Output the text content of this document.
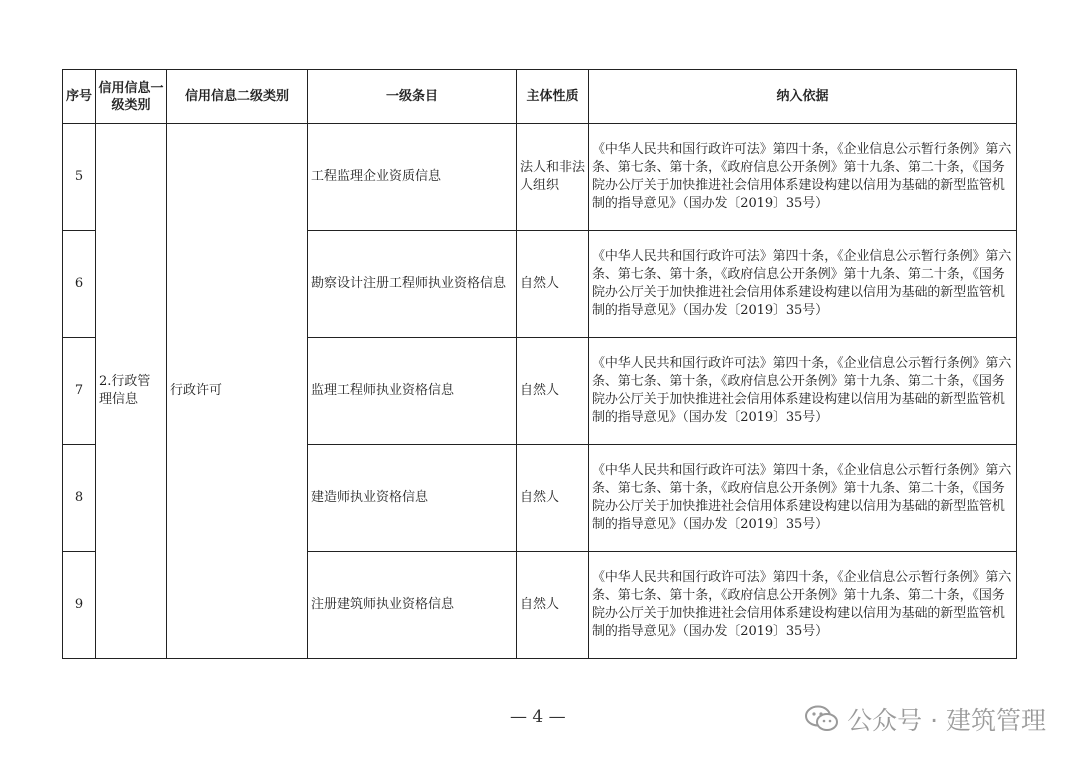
序号	信用信息一级类别	信用信息二级类别	一级条目	主体性质	纳入依据
5	2.行政管理信息	行政许可	工程监理企业资质信息	法人和非法人组织	《中华人民共和国行政许可法》第四十条，《企业信息公示暂行条例》第六条、第七条、第十条，《政府信息公开条例》第十九条、第二十条，《国务院办公厅关于加快推进社会信用体系建设构建以信用为基础的新型监管机制的指导意见》（国办发〔2019〕35号）
6			勘察设计注册工程师执业资格信息	自然人	《中华人民共和国行政许可法》第四十条，《企业信息公示暂行条例》第六条、第七条、第十条，《政府信息公开条例》第十九条、第二十条，《国务院办公厅关于加快推进社会信用体系建设构建以信用为基础的新型监管机制的指导意见》（国办发〔2019〕35号）
7			监理工程师执业资格信息	自然人	《中华人民共和国行政许可法》第四十条，《企业信息公示暂行条例》第六条、第七条、第十条，《政府信息公开条例》第十九条、第二十条，《国务院办公厅关于加快推进社会信用体系建设构建以信用为基础的新型监管机制的指导意见》（国办发〔2019〕35号）
8			建造师执业资格信息	自然人	《中华人民共和国行政许可法》第四十条，《企业信息公示暂行条例》第六条、第七条、第十条，《政府信息公开条例》第十九条、第二十条，《国务院办公厅关于加快推进社会信用体系建设构建以信用为基础的新型监管机制的指导意见》（国办发〔2019〕35号）
9			注册建筑师执业资格信息	自然人	《中华人民共和国行政许可法》第四十条，《企业信息公示暂行条例》第六条、第七条、第十条，《政府信息公开条例》第十九条、第二十条，《国务院办公厅关于加快推进社会信用体系建设构建以信用为基础的新型监管机制的指导意见》（国办发〔2019〕35号）
— 4 —	公众号 · 建筑管理
